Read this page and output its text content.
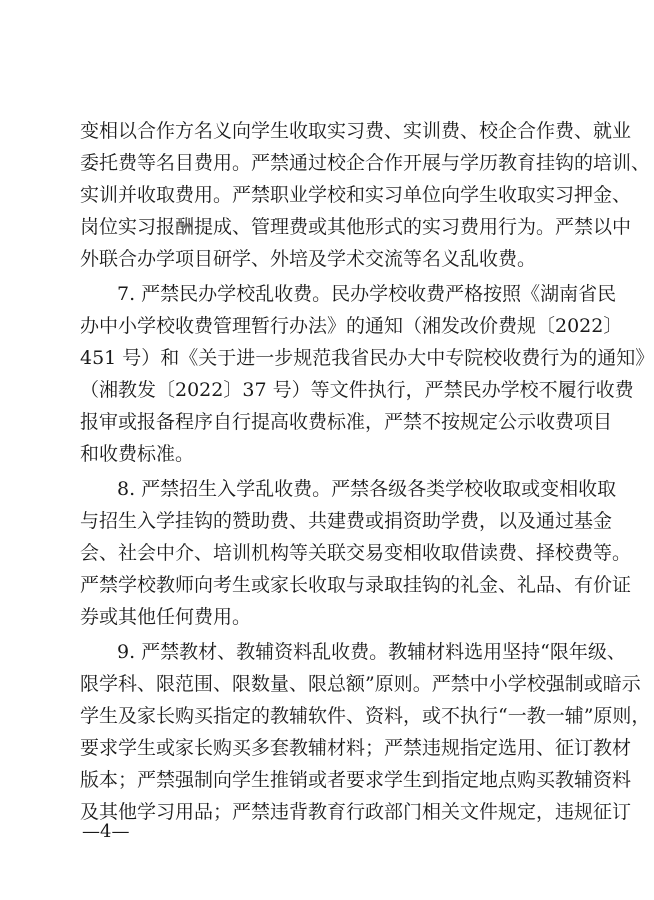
变相以合作方名义向学生收取实习费、实训费、校企合作费、就业
委托费等名目费用。严禁通过校企合作开展与学历教育挂钩的培训、
实训并收取费用。严禁职业学校和实习单位向学生收取实习押金、
岗位实习报酬提成、管理费或其他形式的实习费用行为。严禁以中
外联合办学项目研学、外培及学术交流等名义乱收费。
7. 严禁民办学校乱收费。民办学校收费严格按照《湖南省民
办中小学校收费管理暂行办法》的通知（湘发改价费规〔2022〕
451 号）和《关于进一步规范我省民办大中专院校收费行为的通知》
（湘教发〔2022〕37 号）等文件执行，严禁民办学校不履行收费
报审或报备程序自行提高收费标准，严禁不按规定公示收费项目
和收费标准。
8. 严禁招生入学乱收费。严禁各级各类学校收取或变相收取
与招生入学挂钩的赞助费、共建费或捐资助学费，以及通过基金
会、社会中介、培训机构等关联交易变相收取借读费、择校费等。
严禁学校教师向考生或家长收取与录取挂钩的礼金、礼品、有价证
券或其他任何费用。
9. 严禁教材、教辅资料乱收费。教辅材料选用坚持“限年级、
限学科、限范围、限数量、限总额”原则。严禁中小学校强制或暗示
学生及家长购买指定的教辅软件、资料，或不执行“一教一辅”原则，
要求学生或家长购买多套教辅材料；严禁违规指定选用、征订教材
版本；严禁强制向学生推销或者要求学生到指定地点购买教辅资料
及其他学习用品；严禁违背教育行政部门相关文件规定，违规征订
—4—
